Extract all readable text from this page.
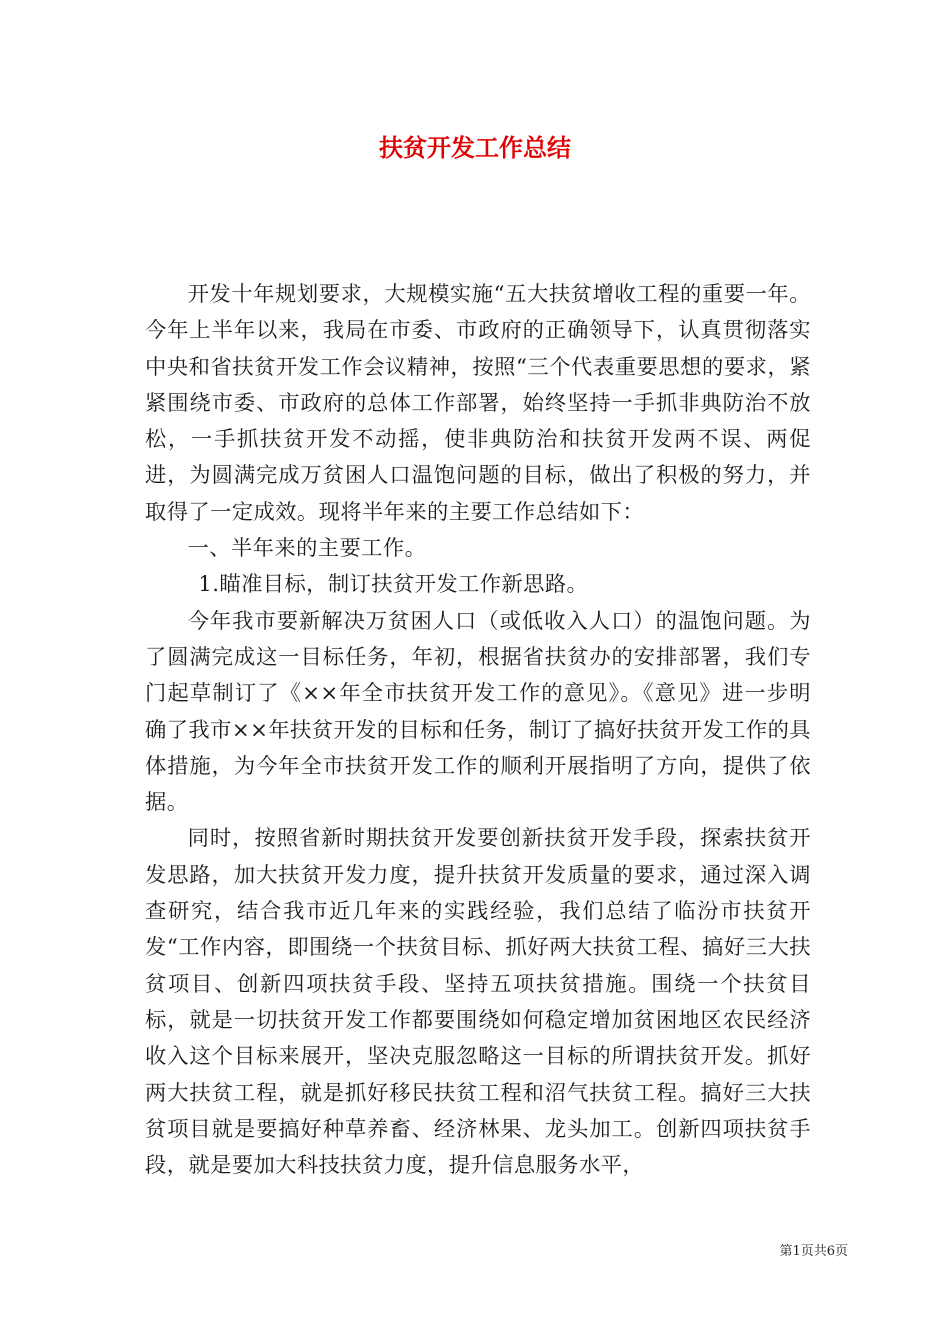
扶贫开发工作总结

开发十年规划要求，大规模实施“五大扶贫增收工程的重要一年。今年上半年以来，我局在市委、市政府的正确领导下，认真贯彻落实中央和省扶贫开发工作会议精神，按照“三个代表重要思想的要求，紧紧围绕市委、市政府的总体工作部署，始终坚持一手抓非典防治不放松，一手抓扶贫开发不动摇，使非典防治和扶贫开发两不误、两促进，为圆满完成万贫困人口温饱问题的目标，做出了积极的努力，并取得了一定成效。现将半年来的主要工作总结如下：

一、半年来的主要工作。

1.瞄准目标，制订扶贫开发工作新思路。

今年我市要新解决万贫困人口（或低收入人口）的温饱问题。为了圆满完成这一目标任务，年初，根据省扶贫办的安排部署，我们专门起草制订了《××年全市扶贫开发工作的意见》。《意见》进一步明确了我市××年扶贫开发的目标和任务，制订了搞好扶贫开发工作的具体措施，为今年全市扶贫开发工作的顺利开展指明了方向，提供了依据。

同时，按照省新时期扶贫开发要创新扶贫开发手段，探索扶贫开发思路，加大扶贫开发力度，提升扶贫开发质量的要求，通过深入调查研究，结合我市近几年来的实践经验，我们总结了临汾市扶贫开发“工作内容，即围绕一个扶贫目标、抓好两大扶贫工程、搞好三大扶贫项目、创新四项扶贫手段、坚持五项扶贫措施。围绕一个扶贫目标，就是一切扶贫开发工作都要围绕如何稳定增加贫困地区农民经济收入这个目标来展开，坚决克服忽略这一目标的所谓扶贫开发。抓好两大扶贫工程，就是抓好移民扶贫工程和沼气扶贫工程。搞好三大扶贫项目就是要搞好种草养畜、经济林果、龙头加工。创新四项扶贫手段，就是要加大科技扶贫力度，提升信息服务水平，

第1页共6页
